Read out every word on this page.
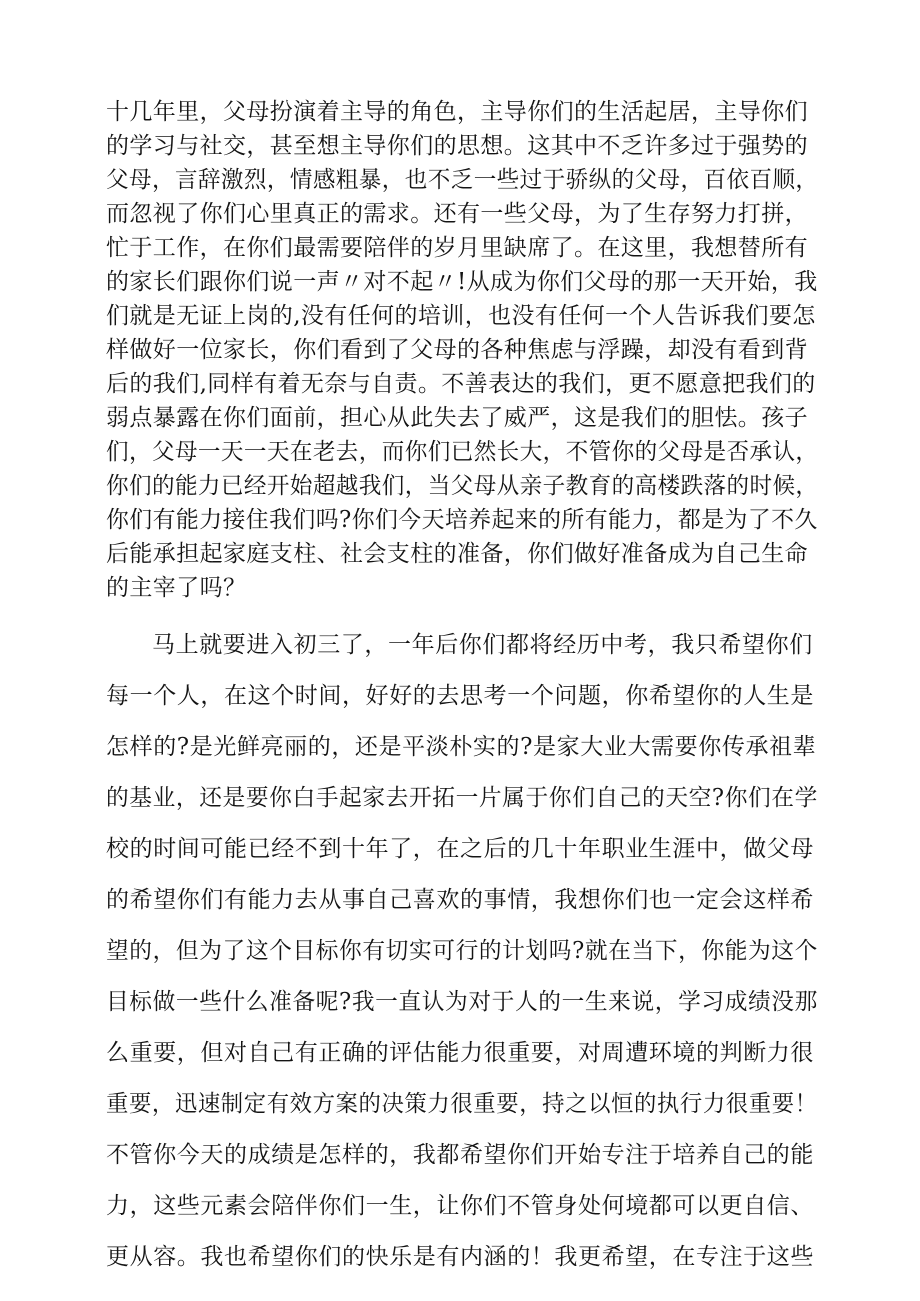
十几年里，父母扮演着主导的角色，主导你们的生活起居，主导你们
的学习与社交，甚至想主导你们的思想。这其中不乏许多过于强势的
父母，言辞激烈，情感粗暴，也不乏一些过于骄纵的父母，百依百顺，
而忽视了你们心里真正的需求。还有一些父母，为了生存努力打拼，
忙于工作，在你们最需要陪伴的岁月里缺席了。在这里，我想替所有
的家长们跟你们说一声〃对不起〃!从成为你们父母的那一天开始，我
们就是无证上岗的,没有任何的培训，也没有任何一个人告诉我们要怎
样做好一位家长，你们看到了父母的各种焦虑与浮躁，却没有看到背
后的我们,同样有着无奈与自责。不善表达的我们，更不愿意把我们的
弱点暴露在你们面前，担心从此失去了威严，这是我们的胆怯。孩子
们，父母一天一天在老去，而你们已然长大，不管你的父母是否承认，
你们的能力已经开始超越我们，当父母从亲子教育的高楼跌落的时候，
你们有能力接住我们吗?你们今天培养起来的所有能力，都是为了不久
后能承担起家庭支柱、社会支柱的准备，你们做好准备成为自己生命
的主宰了吗？
马上就要进入初三了，一年后你们都将经历中考，我只希望你们
每一个人，在这个时间，好好的去思考一个问题，你希望你的人生是
怎样的?是光鲜亮丽的，还是平淡朴实的?是家大业大需要你传承祖辈
的基业，还是要你白手起家去开拓一片属于你们自己的天空?你们在学
校的时间可能已经不到十年了，在之后的几十年职业生涯中，做父母
的希望你们有能力去从事自己喜欢的事情，我想你们也一定会这样希
望的，但为了这个目标你有切实可行的计划吗?就在当下，你能为这个
目标做一些什么准备呢?我一直认为对于人的一生来说，学习成绩没那
么重要，但对自己有正确的评估能力很重要，对周遭环境的判断力很
重要，迅速制定有效方案的决策力很重要，持之以恒的执行力很重要！
不管你今天的成绩是怎样的，我都希望你们开始专注于培养自己的能
力，这些元素会陪伴你们一生，让你们不管身处何境都可以更自信、
更从容。我也希望你们的快乐是有内涵的！我更希望，在专注于这些
